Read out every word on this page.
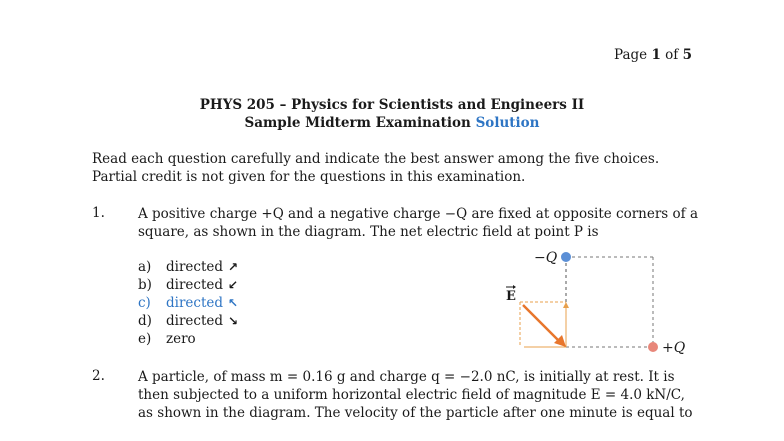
Page 1 of 5
PHYS 205 – Physics for Scientists and Engineers II
Sample Midterm Examination Solution
Read each question carefully and indicate the best answer among the five choices. Partial credit is not given for the questions in this examination.
1. A positive charge +Q and a negative charge −Q are fixed at opposite corners of a square, as shown in the diagram. The net electric field at point P is
a)	directed ↗
b)	directed ↙
c)	directed ↖
d)	directed ↘
e)	zero
−Q
+Q
E
2. A particle, of mass m = 0.16 g and charge q = −2.0 nC, is initially at rest. It is then subjected to a uniform horizontal electric field of magnitude E = 4.0 kN/C, as shown in the diagram. The velocity of the particle after one minute is equal to
